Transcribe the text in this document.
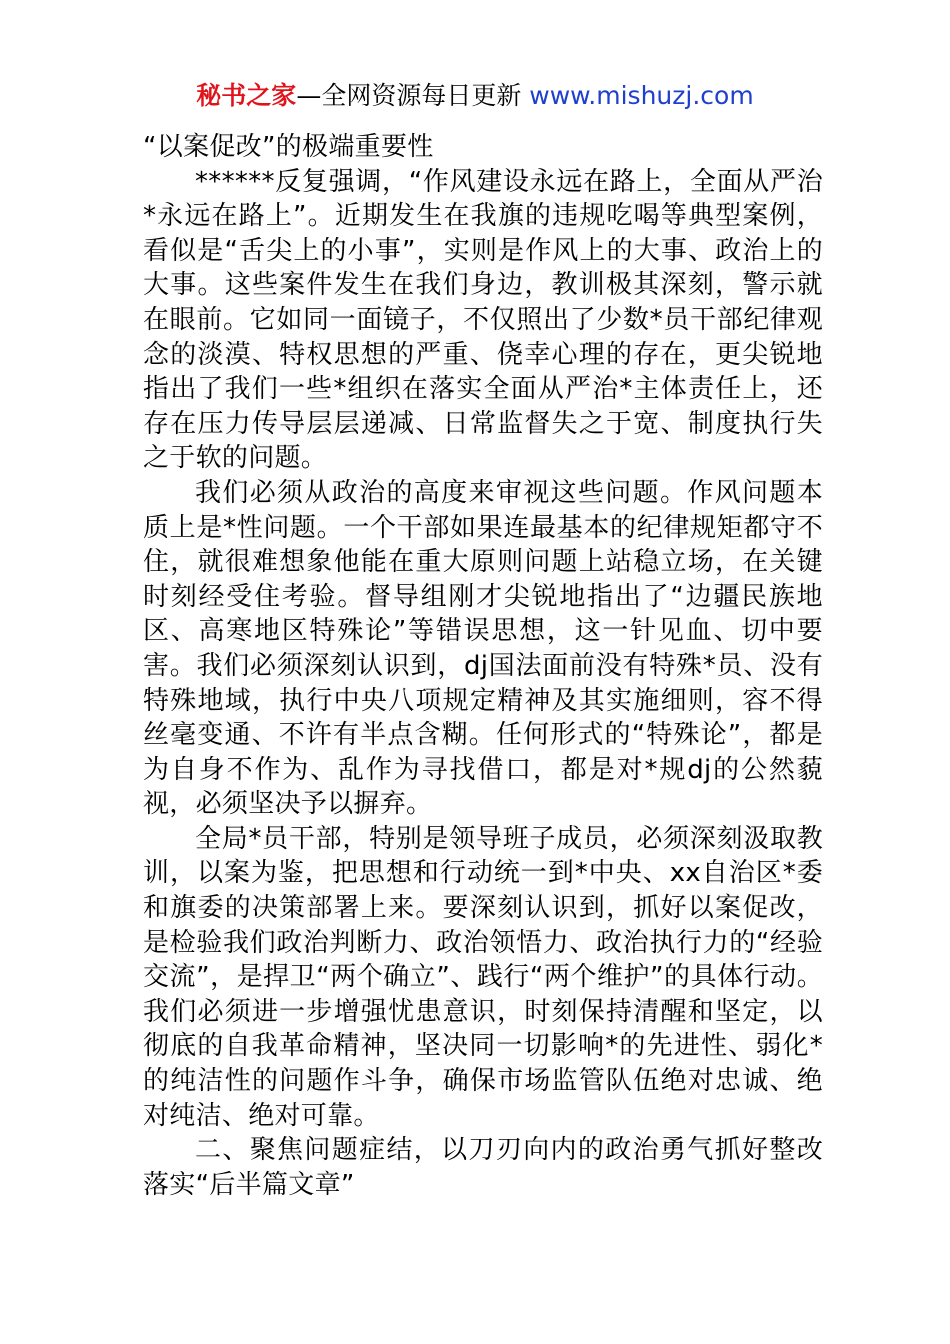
秘书之家—全网资源每日更新 www.mishuzj.com

“以案促改”的极端重要性

******反复强调，“作风建设永远在路上，全面从严治*永远在路上”。近期发生在我旗的违规吃喝等典型案例，看似是“舌尖上的小事”，实则是作风上的大事、政治上的大事。这些案件发生在我们身边，教训极其深刻，警示就在眼前。它如同一面镜子，不仅照出了少数*员干部纪律观念的淡漠、特权思想的严重、侥幸心理的存在，更尖锐地指出了我们一些*组织在落实全面从严治*主体责任上，还存在压力传导层层递减、日常监督失之于宽、制度执行失之于软的问题。

我们必须从政治的高度来审视这些问题。作风问题本质上是*性问题。一个干部如果连最基本的纪律规矩都守不住，就很难想象他能在重大原则问题上站稳立场，在关键时刻经受住考验。督导组刚才尖锐地指出了“边疆民族地区、高寒地区特殊论”等错误思想，这一针见血、切中要害。我们必须深刻认识到，dj国法面前没有特殊*员、没有特殊地域，执行中央八项规定精神及其实施细则，容不得丝毫变通、不许有半点含糊。任何形式的“特殊论”，都是为自身不作为、乱作为寻找借口，都是对*规dj的公然藐视，必须坚决予以摒弃。

全局*员干部，特别是领导班子成员，必须深刻汲取教训，以案为鉴，把思想和行动统一到*中央、xx自治区*委和旗委的决策部署上来。要深刻认识到，抓好以案促改，是检验我们政治判断力、政治领悟力、政治执行力的“经验交流”，是捍卫“两个确立”、践行“两个维护”的具体行动。我们必须进一步增强忧患意识，时刻保持清醒和坚定，以彻底的自我革命精神，坚决同一切影响*的先进性、弱化*的纯洁性的问题作斗争，确保市场监管队伍绝对忠诚、绝对纯洁、绝对可靠。

二、聚焦问题症结，以刀刃向内的政治勇气抓好整改落实“后半篇文章”
